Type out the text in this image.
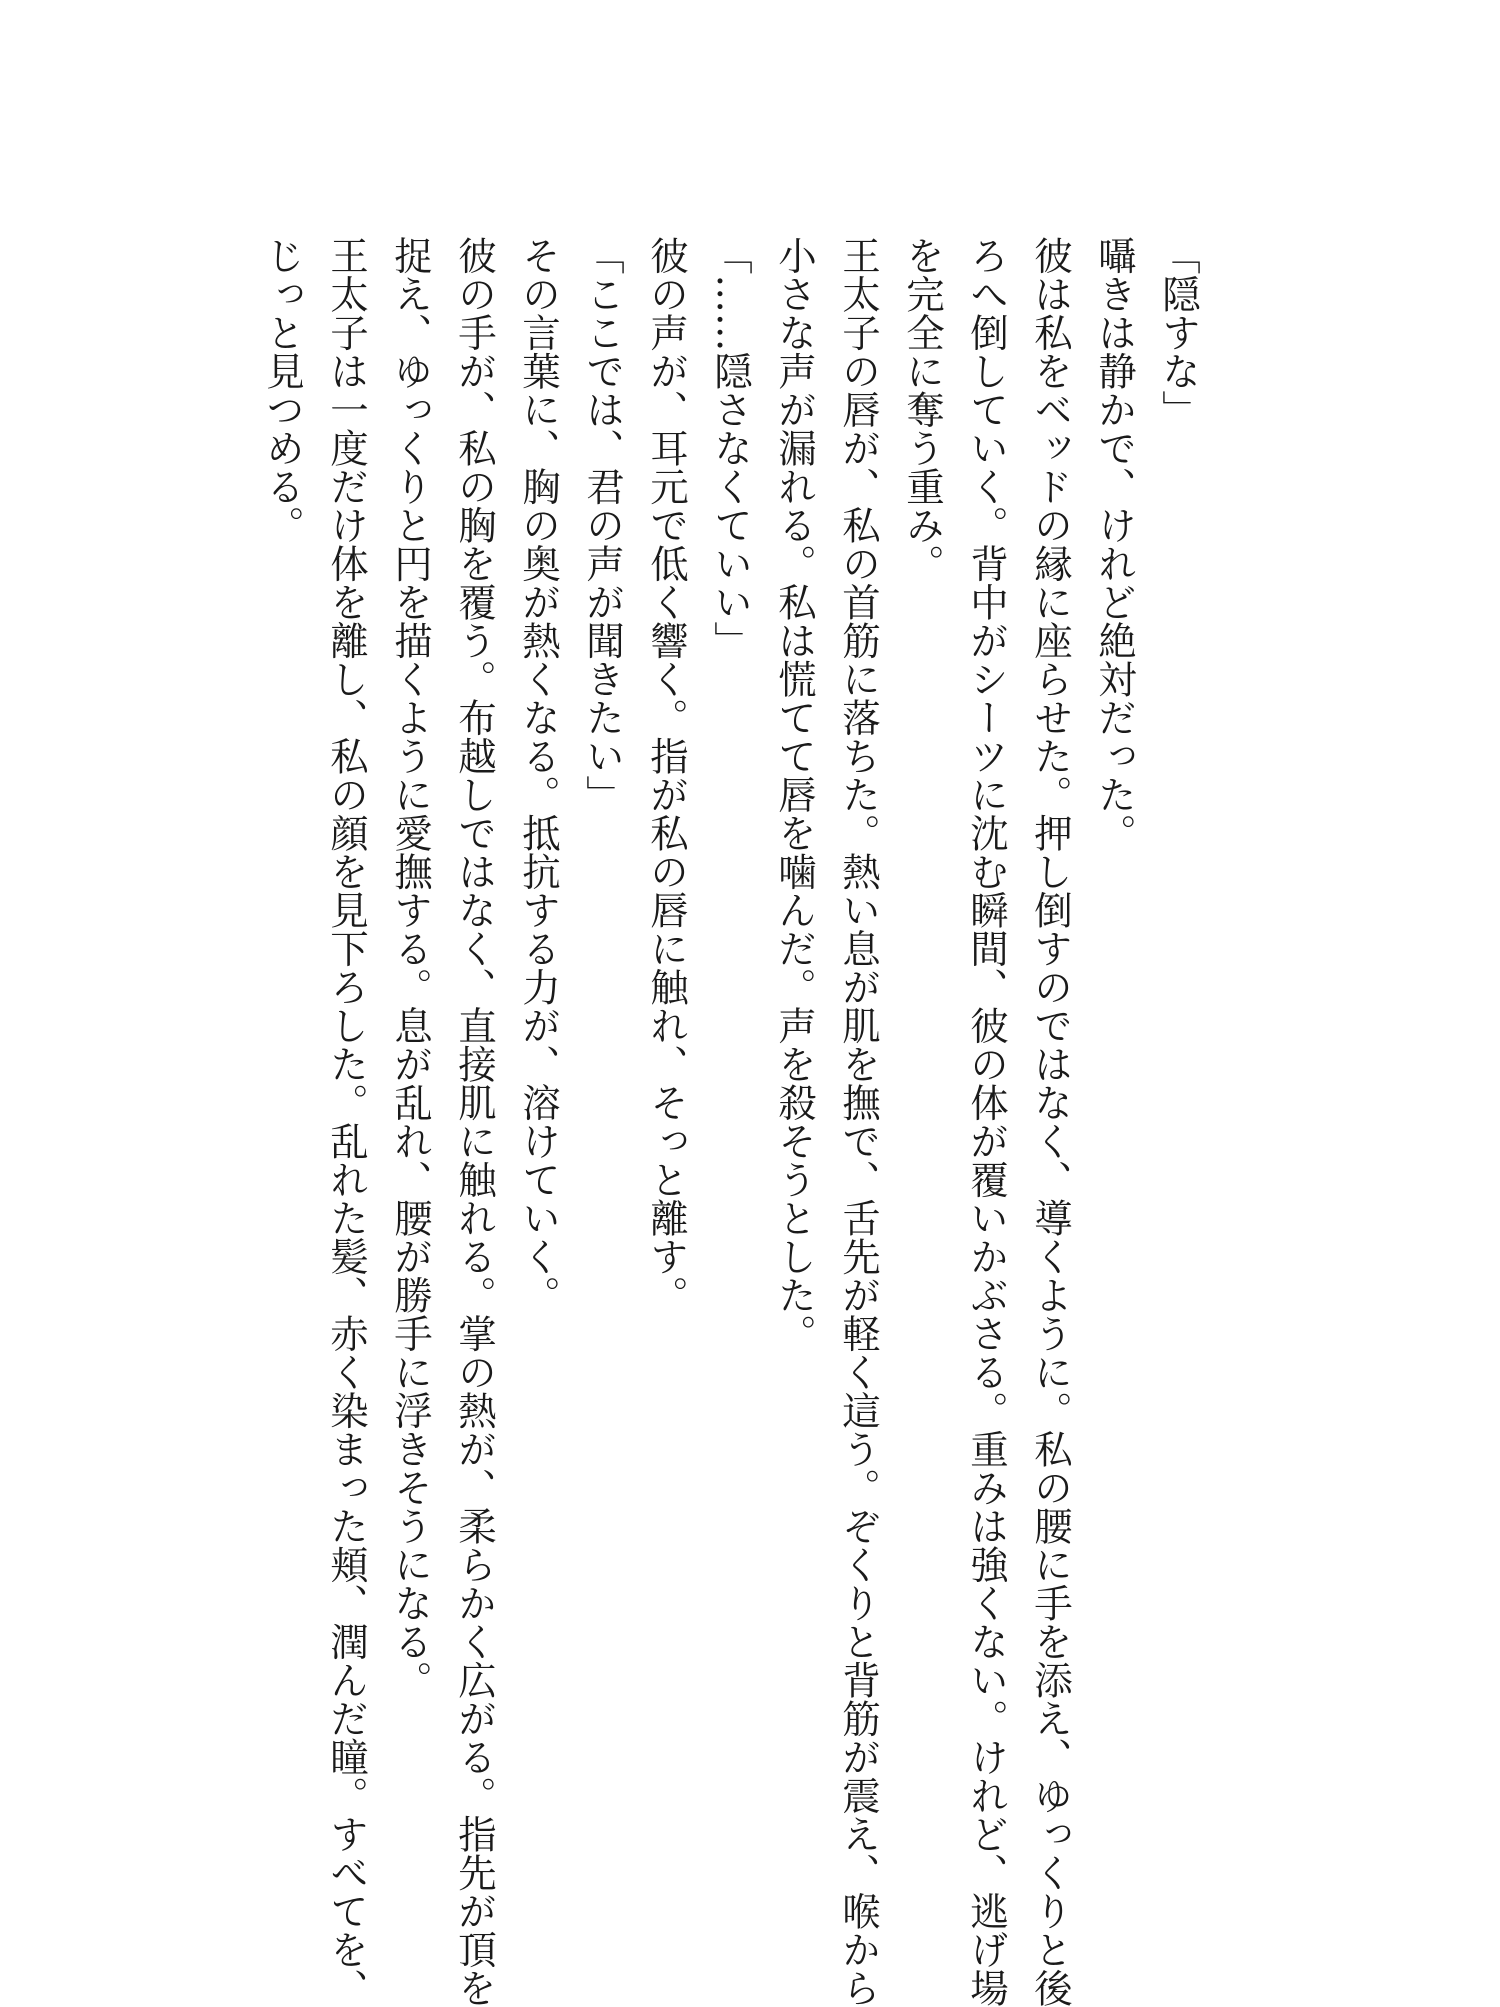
「隠すな」
囁きは静かで、けれど絶対だった。
彼は私をベッドの縁に座らせた。押し倒すのではなく、導くように。私の腰に手を添え、ゆっくりと後
ろへ倒していく。背中がシーツに沈む瞬間、彼の体が覆いかぶさる。重みは強くない。けれど、逃げ場
を完全に奪う重み。
王太子の唇が、私の首筋に落ちた。熱い息が肌を撫で、舌先が軽く這う。ぞくりと背筋が震え、喉から
小さな声が漏れる。私は慌てて唇を噛んだ。声を殺そうとした。
「……隠さなくていい」
彼の声が、耳元で低く響く。指が私の唇に触れ、そっと離す。
「ここでは、君の声が聞きたい」
その言葉に、胸の奥が熱くなる。抵抗する力が、溶けていく。
彼の手が、私の胸を覆う。布越しではなく、直接肌に触れる。掌の熱が、柔らかく広がる。指先が頂を
捉え、ゆっくりと円を描くように愛撫する。息が乱れ、腰が勝手に浮きそうになる。
王太子は一度だけ体を離し、私の顔を見下ろした。乱れた髪、赤く染まった頬、潤んだ瞳。すべてを、
じっと見つめる。
